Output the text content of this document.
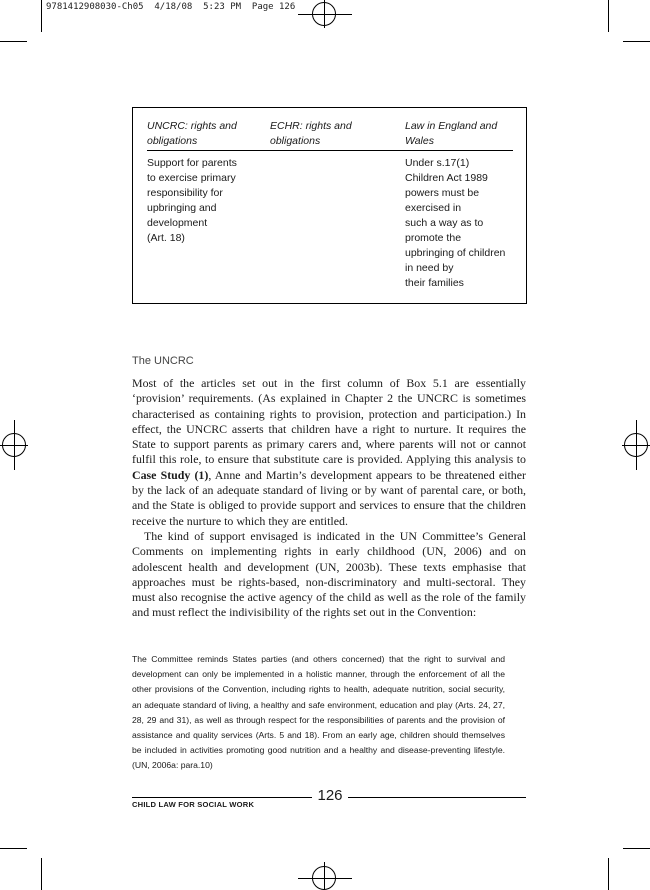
9781412908030-Ch05  4/18/08  5:23 PM  Page 126
UNCRC: rights and obligations
ECHR: rights and obligations
Law in England and Wales
Support for parents
to exercise primary
responsibility for
upbringing and
development
(Art. 18)
Under s.17(1)
Children Act 1989
powers must be
exercised in
such a way as to
promote the
upbringing of children
in need by
their families
The UNCRC

Most of the articles set out in the first column of Box 5.1 are essentially ‘provision’ requirements. (As explained in Chapter 2 the UNCRC is sometimes characterised as containing rights to provision, protection and participation.) In effect, the UNCRC asserts that children have a right to nurture. It requires the State to support parents as primary carers and, where parents will not or cannot fulfil this role, to ensure that substitute care is provided. Applying this analysis to Case Study (1), Anne and Martin’s development appears to be threatened either by the lack of an adequate standard of living or by want of parental care, or both, and the State is obliged to provide support and services to ensure that the children receive the nurture to which they are entitled.

The kind of support envisaged is indicated in the UN Committee’s General Comments on implementing rights in early childhood (UN, 2006) and on adolescent health and development (UN, 2003b). These texts emphasise that approaches must be rights-based, non-discriminatory and multi-sectoral. They must also recognise the active agency of the child as well as the role of the family and must reflect the indivisibility of the rights set out in the Convention:

The Committee reminds States parties (and others concerned) that the right to survival and development can only be implemented in a holistic manner, through the enforcement of all the other provisions of the Convention, including rights to health, adequate nutrition, social security, an adequate standard of living, a healthy and safe environment, education and play (Arts. 24, 27, 28, 29 and 31), as well as through respect for the responsibilities of parents and the provision of assistance and quality services (Arts. 5 and 18). From an early age, children should themselves be included in activities promoting good nutrition and a healthy and disease-preventing lifestyle. (UN, 2006a: para.10)
126
CHILD LAW FOR SOCIAL WORK
